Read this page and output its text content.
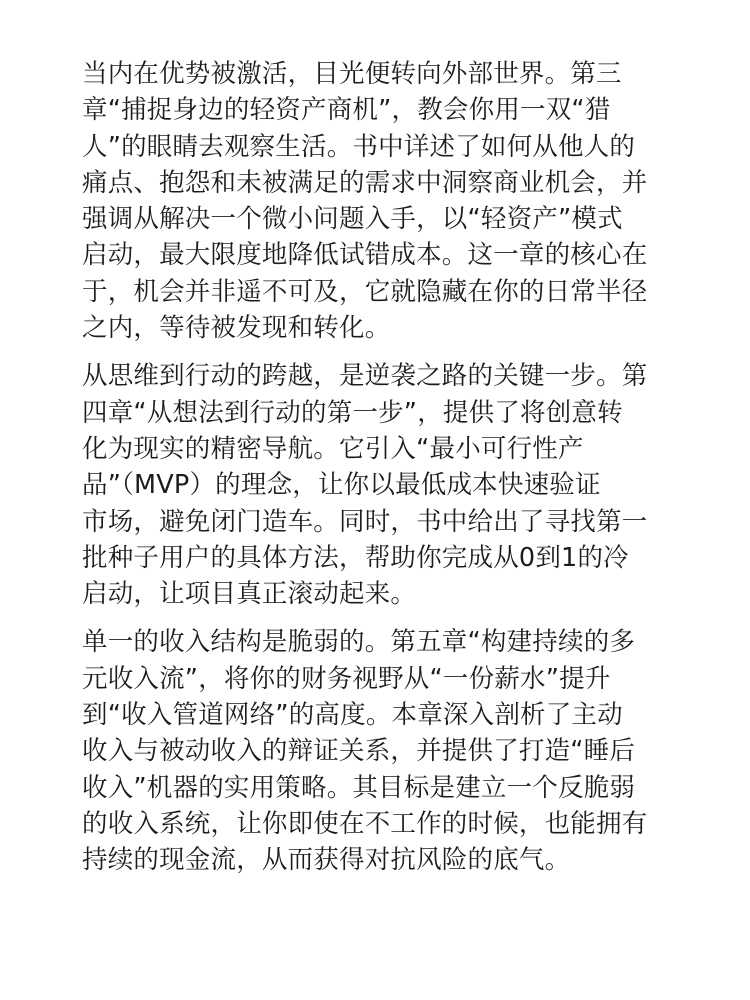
当内在优势被激活，目光便转向外部世界。第三
章“捕捉身边的轻资产商机”，教会你用一双“猎
人”的眼睛去观察生活。书中详述了如何从他人的
痛点、抱怨和未被满足的需求中洞察商业机会，并
强调从解决一个微小问题入手，以“轻资产”模式
启动，最大限度地降低试错成本。这一章的核心在
于，机会并非遥不可及，它就隐藏在你的日常半径
之内，等待被发现和转化。
从思维到行动的跨越，是逆袭之路的关键一步。第
四章“从想法到行动的第一步”，提供了将创意转
化为现实的精密导航。它引入“最小可行性产
品”（MVP）的理念，让你以最低成本快速验证
市场，避免闭门造车。同时，书中给出了寻找第一
批种子用户的具体方法，帮助你完成从0到1的冷
启动，让项目真正滚动起来。
单一的收入结构是脆弱的。第五章“构建持续的多
元收入流”，将你的财务视野从“一份薪水”提升
到“收入管道网络”的高度。本章深入剖析了主动
收入与被动收入的辩证关系，并提供了打造“睡后
收入”机器的实用策略。其目标是建立一个反脆弱
的收入系统，让你即使在不工作的时候，也能拥有
持续的现金流，从而获得对抗风险的底气。
